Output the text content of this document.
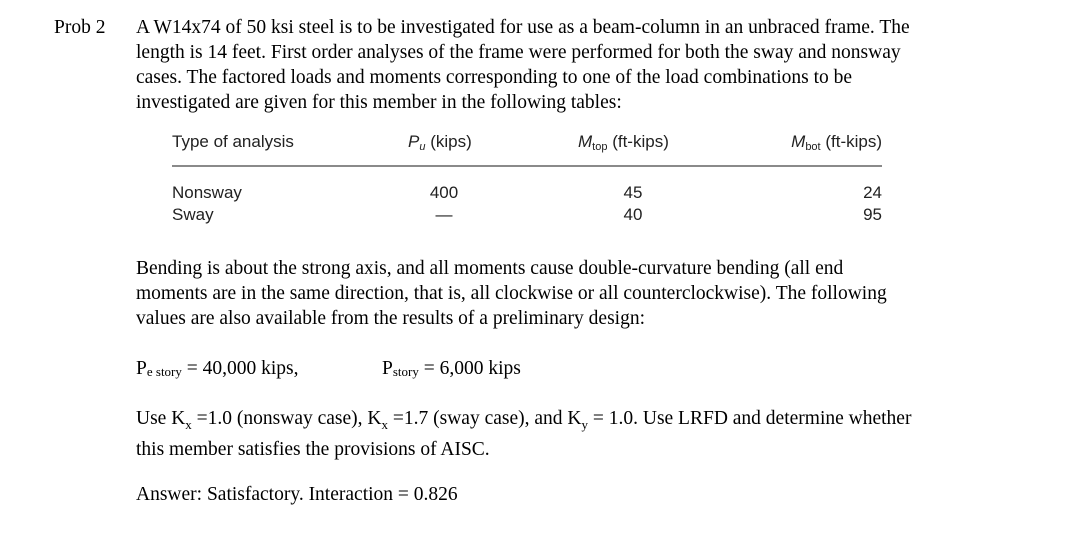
Prob 2 A W14x74 of 50 ksi steel is to be investigated for use as a beam-column in an unbraced frame. The
length is 14 feet. First order analyses of the frame were performed for both the sway and nonsway
cases. The factored loads and moments corresponding to one of the load combinations to be
investigated are given for this member in the following tables:
Type of analysis	$P_u$ (kips)	$M_{top}$ (ft-kips)	$M_{bot}$ (ft-kips)
Nonsway	400	45	24
Sway	—	40	95
Bending is about the strong axis, and all moments cause double-curvature bending (all end
moments are in the same direction, that is, all clockwise or all counterclockwise). The following
values are also available from the results of a preliminary design:
Pe story = 40,000 kips,	Pstory = 6,000 kips
Use $K_x =1.0$ (nonsway case), $K_x =1.7$ (sway case), and $K_y = 1.0$. Use LRFD and determine whether
this member satisfies the provisions of AISC.
Answer: Satisfactory. Interaction = 0.826
